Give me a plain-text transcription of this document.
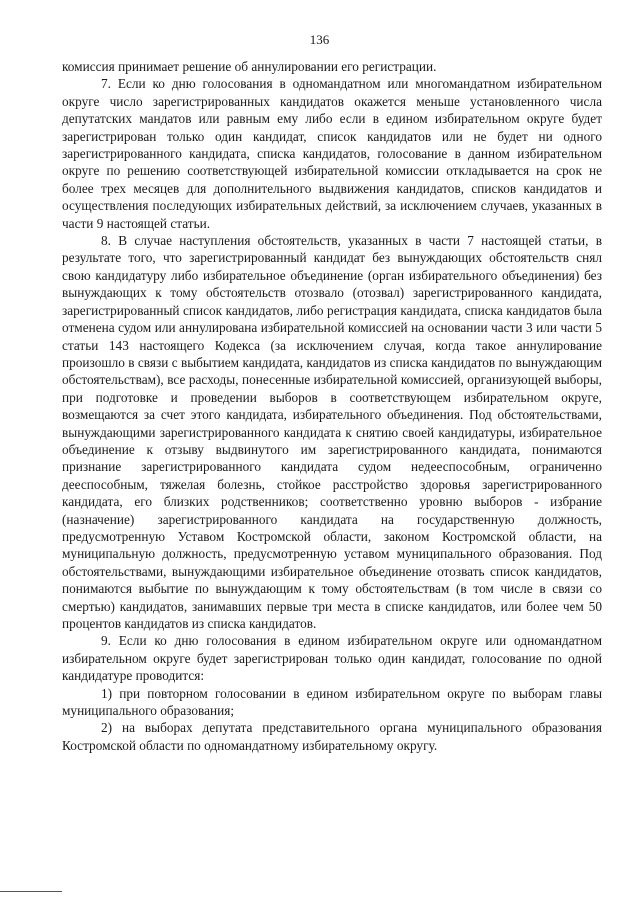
136

комиссия принимает решение об аннулировании его регистрации.

7. Если ко дню голосования в одномандатном или многомандатном избирательном округе число зарегистрированных кандидатов окажется меньше установленного числа депутатских мандатов или равным ему либо если в едином избирательном округе будет зарегистрирован только один кандидат, список кандидатов или не будет ни одного зарегистрированного кандидата, списка кандидатов, голосование в данном избирательном округе по решению соответствующей избирательной комиссии откладывается на срок не более трех месяцев для дополнительного выдвижения кандидатов, списков кандидатов и осуществления последующих избирательных действий, за исключением случаев, указанных в части 9 настоящей статьи.

8. В случае наступления обстоятельств, указанных в части 7 настоящей статьи, в результате того, что зарегистрированный кандидат без вынуждающих обстоятельств снял свою кандидатуру либо избирательное объединение (орган избирательного объединения) без вынуждающих к тому обстоятельств отозвало (отозвал) зарегистрированного кандидата, зарегистрированный список кандидатов, либо регистрация кандидата, списка кандидатов была отменена судом или аннулирована избирательной комиссией на основании части 3 или части 5 статьи 143 настоящего Кодекса (за исключением случая, когда такое аннулирование произошло в связи с выбытием кандидата, кандидатов из списка кандидатов по вынуждающим обстоятельствам), все расходы, понесенные избирательной комиссией, организующей выборы, при подготовке и проведении выборов в соответствующем избирательном округе, возмещаются за счет этого кандидата, избирательного объединения. Под обстоятельствами, вынуждающими зарегистрированного кандидата к снятию своей кандидатуры, избирательное объединение к отзыву выдвинутого им зарегистрированного кандидата, понимаются признание зарегистрированного кандидата судом недееспособным, ограниченно дееспособным, тяжелая болезнь, стойкое расстройство здоровья зарегистрированного кандидата, его близких родственников; соответственно уровню выборов - избрание (назначение) зарегистрированного кандидата на государственную должность, предусмотренную Уставом Костромской области, законом Костромской области, на муниципальную должность, предусмотренную уставом муниципального образования. Под обстоятельствами, вынуждающими избирательное объединение отозвать список кандидатов, понимаются выбытие по вынуждающим к тому обстоятельствам (в том числе в связи со смертью) кандидатов, занимавших первые три места в списке кандидатов, или более чем 50 процентов кандидатов из списка кандидатов.

9. Если ко дню голосования в едином избирательном округе или одномандатном избирательном округе будет зарегистрирован только один кандидат, голосование по одной кандидатуре проводится:

1) при повторном голосовании в едином избирательном округе по выборам главы муниципального образования;

2) на выборах депутата представительного органа муниципального образования Костромской области по одномандатному избирательному округу.
